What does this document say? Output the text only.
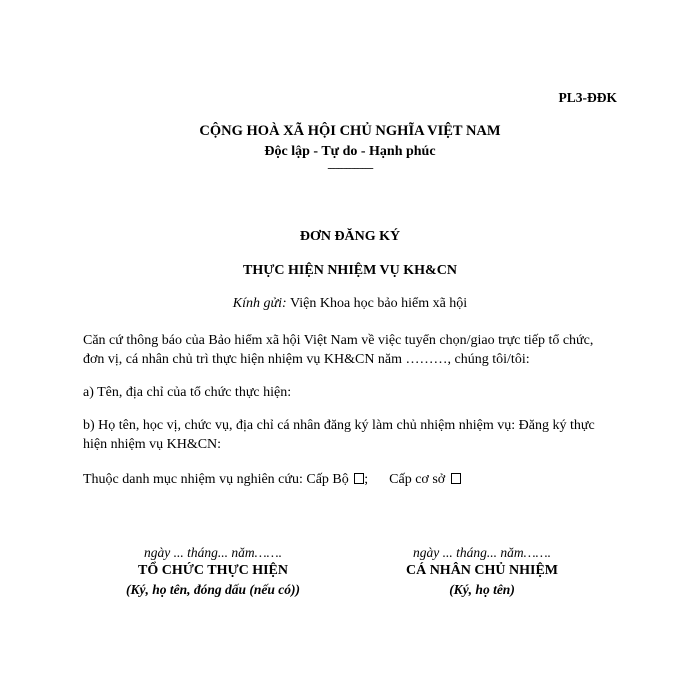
PL3-ĐĐK
CỘNG HOÀ XÃ HỘI CHỦ NGHĨA VIỆT NAM
Độc lập - Tự do - Hạnh phúc
-----------------
ĐƠN ĐĂNG KÝ
THỰC HIỆN NHIỆM VỤ KH&CN
Kính gửi: Viện Khoa học bảo hiểm xã hội
Căn cứ thông báo của Bảo hiểm xã hội Việt Nam về việc tuyển chọn/giao trực tiếp tổ chức, đơn vị, cá nhân chủ trì thực hiện nhiệm vụ KH&CN năm ………, chúng tôi/tôi:
a) Tên, địa chỉ của tổ chức thực hiện:
b) Họ tên, học vị, chức vụ, địa chỉ cá nhân đăng ký làm chủ nhiệm nhiệm vụ: Đăng ký thực hiện nhiệm vụ KH&CN:
Thuộc danh mục nhiệm vụ nghiên cứu: Cấp Bộ ; Cấp cơ sở
ngày ... tháng... năm…….
TỔ CHỨC THỰC HIỆN
(Ký, họ tên, đóng dấu (nếu có))
ngày ... tháng... năm…….
CÁ NHÂN CHỦ NHIỆM
(Ký, họ tên)
